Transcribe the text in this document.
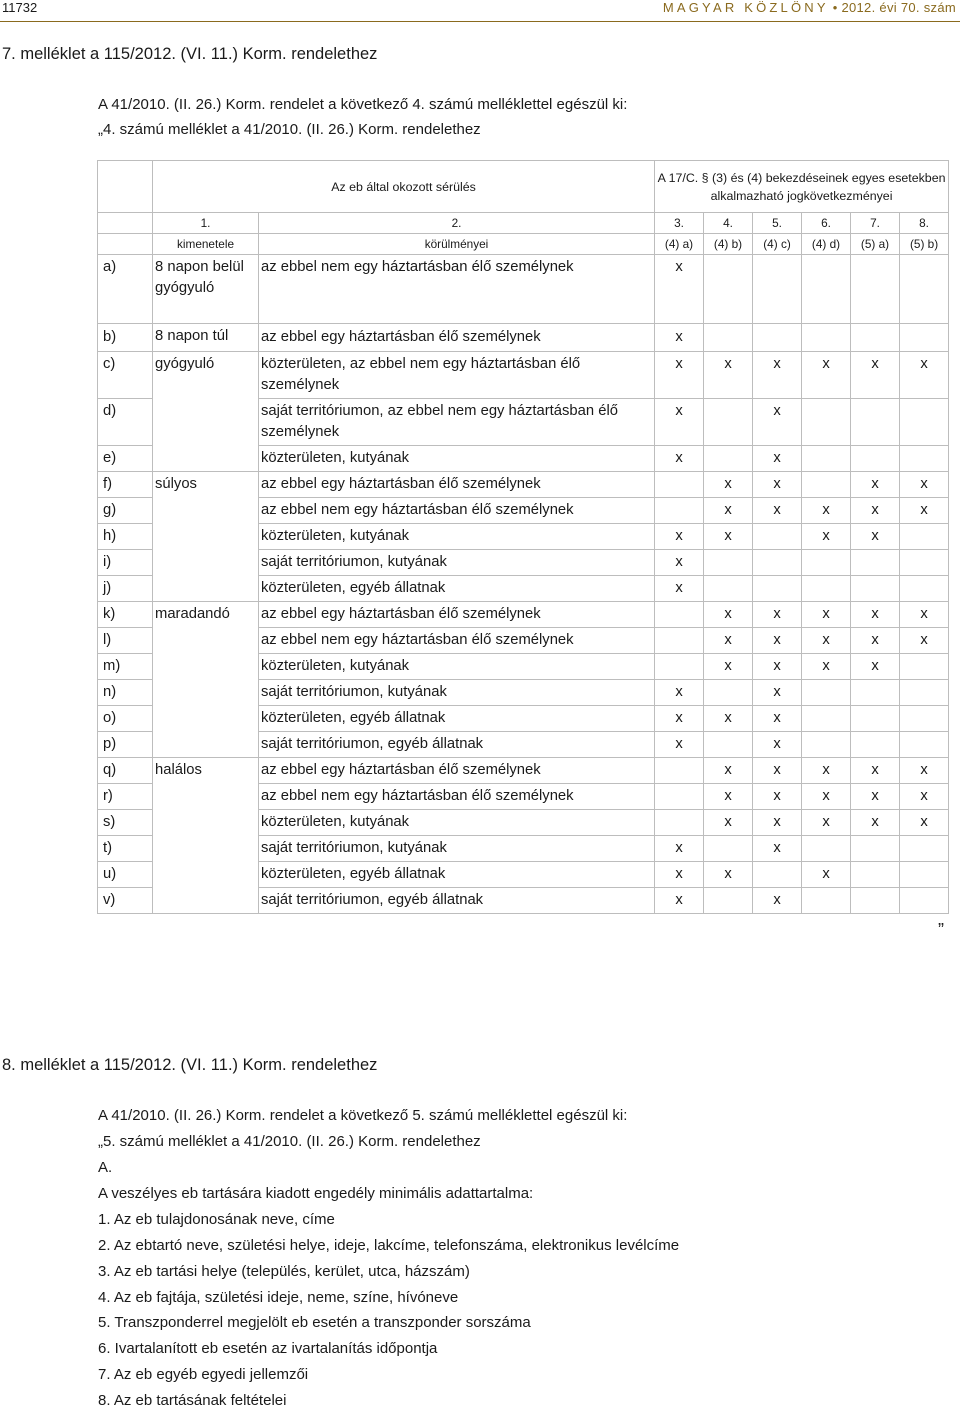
11732	MAGYAR KÖZLÖNY • 2012. évi 70. szám
7. melléklet a 115/2012. (VI. 11.) Korm. rendelethez
A 41/2010. (II. 26.) Korm. rendelet a következő 4. számú melléklettel egészül ki:
„4. számú melléklet a 41/2010. (II. 26.) Korm. rendelethez
	Az eb által okozott sérülés		A 17/C. § (3) és (4) bekezdéseinek egyes esetekben alkalmazható jogkövetkezményei					
	1.	2.	3.	4.	5.	6.	7.	8.
	kimenetele	körülményei	(4) a)	(4) b)	(4) c)	(4) d)	(5) a)	(5) b)
a)	8 napon belül gyógyuló	az ebbel nem egy háztartásban élő személynek	x					
b)	8 napon túl	az ebbel egy háztartásban élő személynek	x					
c)	gyógyuló	közterületen, az ebbel nem egy háztartásban élő személynek	x	x	x	x	x	x
d)		saját territóriumon, az ebbel nem egy háztartásban élő személynek	x		x			
e)		közterületen, kutyának	x		x			
f)	súlyos	az ebbel egy háztartásban élő személynek		x	x		x	x
g)		az ebbel nem egy háztartásban élő személynek		x	x	x	x	x
h)		közterületen, kutyának	x	x		x	x	
i)		saját territóriumon, kutyának	x					
j)		közterületen, egyéb állatnak	x					
k)	maradandó	az ebbel egy háztartásban élő személynek		x	x	x	x	x
l)		az ebbel nem egy háztartásban élő személynek		x	x	x	x	x
m)		közterületen, kutyának		x	x	x	x	
n)		saját territóriumon, kutyának	x		x			
o)		közterületen, egyéb állatnak	x	x	x			
p)		saját territóriumon, egyéb állatnak	x		x			
q)	halálos	az ebbel egy háztartásban élő személynek		x	x	x	x	x
r)		az ebbel nem egy háztartásban élő személynek		x	x	x	x	x
s)		közterületen, kutyának		x	x	x	x	x
t)		saját territóriumon, kutyának	x		x			
u)		közterületen, egyéb állatnak	x	x		x		
v)		saját territóriumon, egyéb állatnak	x		x			
”
8. melléklet a 115/2012. (VI. 11.) Korm. rendelethez
A 41/2010. (II. 26.) Korm. rendelet a következő 5. számú melléklettel egészül ki:
„5. számú melléklet a 41/2010. (II. 26.) Korm. rendelethez
A.
A veszélyes eb tartására kiadott engedély minimális adattartalma:
1. Az eb tulajdonosának neve, címe
2. Az ebtartó neve, születési helye, ideje, lakcíme, telefonszáma, elektronikus levélcíme
3. Az eb tartási helye (település, kerület, utca, házszám)
4. Az eb fajtája, születési ideje, neme, színe, hívóneve
5. Transzponderrel megjelölt eb esetén a transzponder sorszáma
6. Ivartalanított eb esetén az ivartalanítás időpontja
7. Az eb egyéb egyedi jellemzői
8. Az eb tartásának feltételei
